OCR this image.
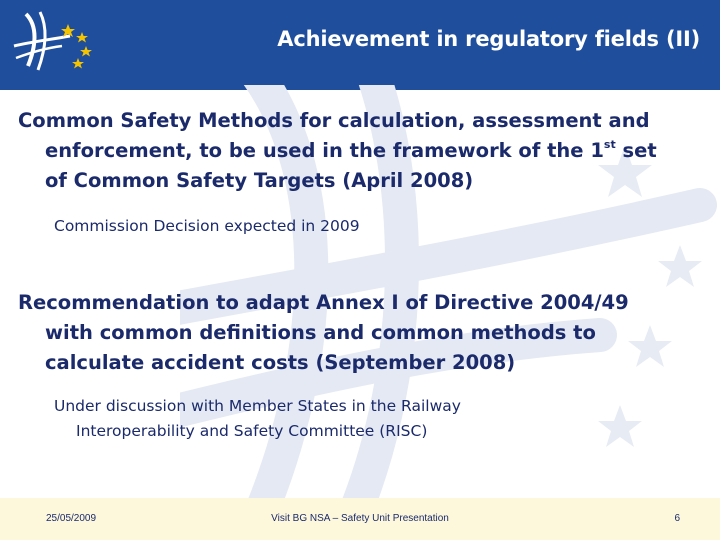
Achievement in regulatory fields (II)
Common Safety Methods for calculation, assessment and
enforcement, to be used in the framework of the 1st set
of Common Safety Targets (April 2008)
Commission Decision expected in 2009
Recommendation to adapt Annex I of Directive 2004/49
with common definitions and common methods to
calculate accident costs (September 2008)
Under discussion with Member States in the Railway
Interoperability and Safety Committee (RISC)
25/05/2009	Visit BG NSA – Safety Unit Presentation	6
